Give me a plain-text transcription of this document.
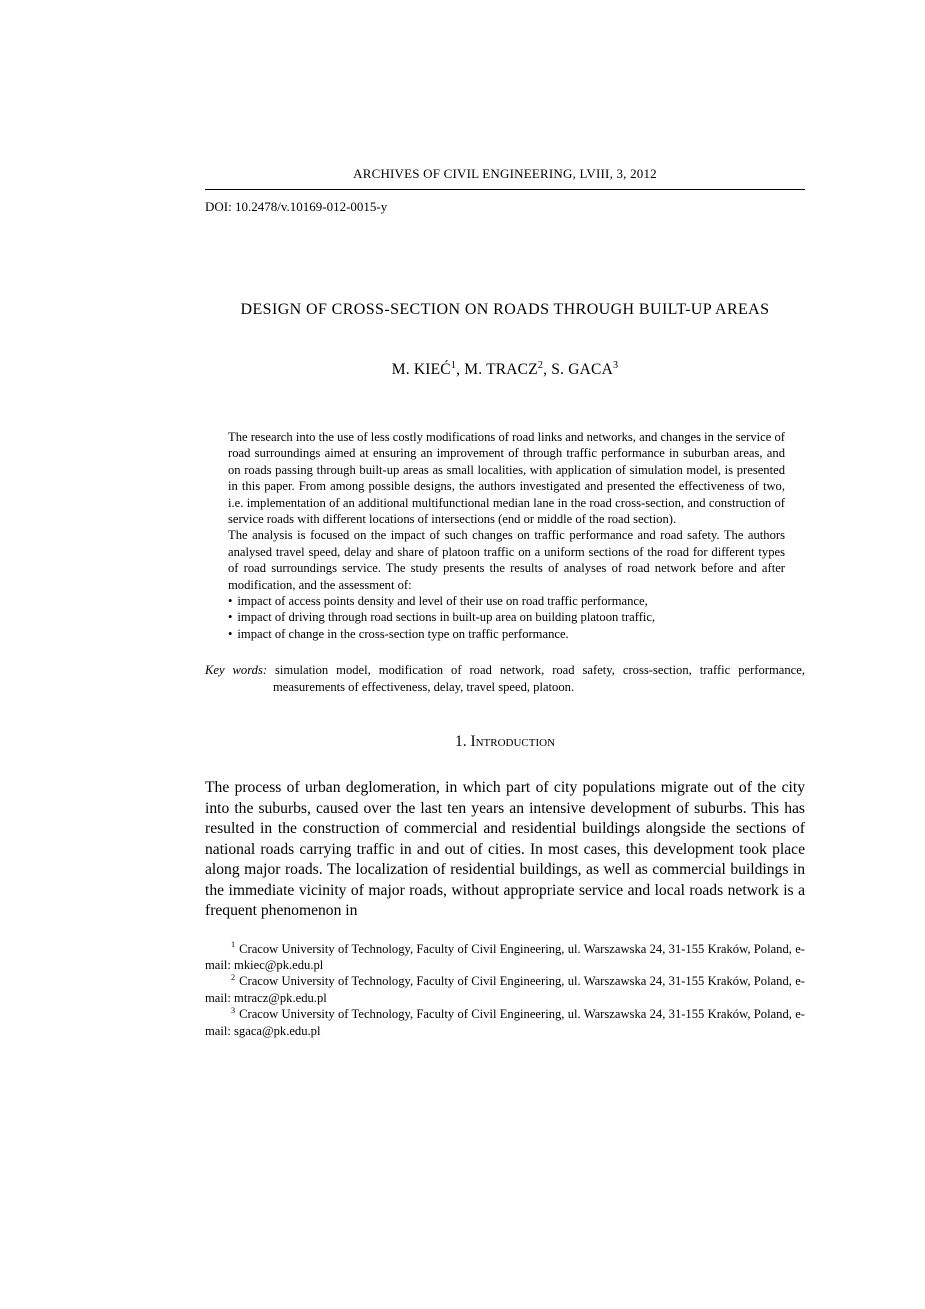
ARCHIVES OF CIVIL ENGINEERING, LVIII, 3, 2012
DOI: 10.2478/v.10169-012-0015-y
DESIGN OF CROSS-SECTION ON ROADS THROUGH BUILT-UP AREAS
M. KIEĆ$^1$, M. TRACZ$^2$, S. GACA$^3$

The research into the use of less costly modifications of road links and networks, and changes in the service of road surroundings aimed at ensuring an improvement of through traffic performance in suburban areas, and on roads passing through built-up areas as small localities, with application of simulation model, is presented in this paper. From among possible designs, the authors investigated and presented the effectiveness of two, i.e. implementation of an additional multifunctional median lane in the road cross-section, and construction of service roads with different locations of intersections (end or middle of the road section).

The analysis is focused on the impact of such changes on traffic performance and road safety. The authors analysed travel speed, delay and share of platoon traffic on a uniform sections of the road for different types of road surroundings service. The study presents the results of analyses of road network before and after modification, and the assessment of:

• impact of access points density and level of their use on road traffic performance,
• impact of driving through road sections in built-up area on building platoon traffic,
• impact of change in the cross-section type on traffic performance.
Key words: simulation model, modification of road network, road safety, cross-section, traffic performance, measurements of effectiveness, delay, travel speed, platoon.
1. Introduction

The process of urban deglomeration, in which part of city populations migrate out of the city into the suburbs, caused over the last ten years an intensive development of suburbs. This has resulted in the construction of commercial and residential buildings alongside the sections of national roads carrying traffic in and out of cities. In most cases, this development took place along major roads. The localization of residential buildings, as well as commercial buildings in the immediate vicinity of major roads, without appropriate service and local roads network is a frequent phenomenon in

$^1$ Cracow University of Technology, Faculty of Civil Engineering, ul. Warszawska 24, 31-155 Kraków, Poland, e-mail: mkiec@pk.edu.pl

$^2$ Cracow University of Technology, Faculty of Civil Engineering, ul. Warszawska 24, 31-155 Kraków, Poland, e-mail: mtracz@pk.edu.pl

$^3$ Cracow University of Technology, Faculty of Civil Engineering, ul. Warszawska 24, 31-155 Kraków, Poland, e-mail: sgaca@pk.edu.pl
